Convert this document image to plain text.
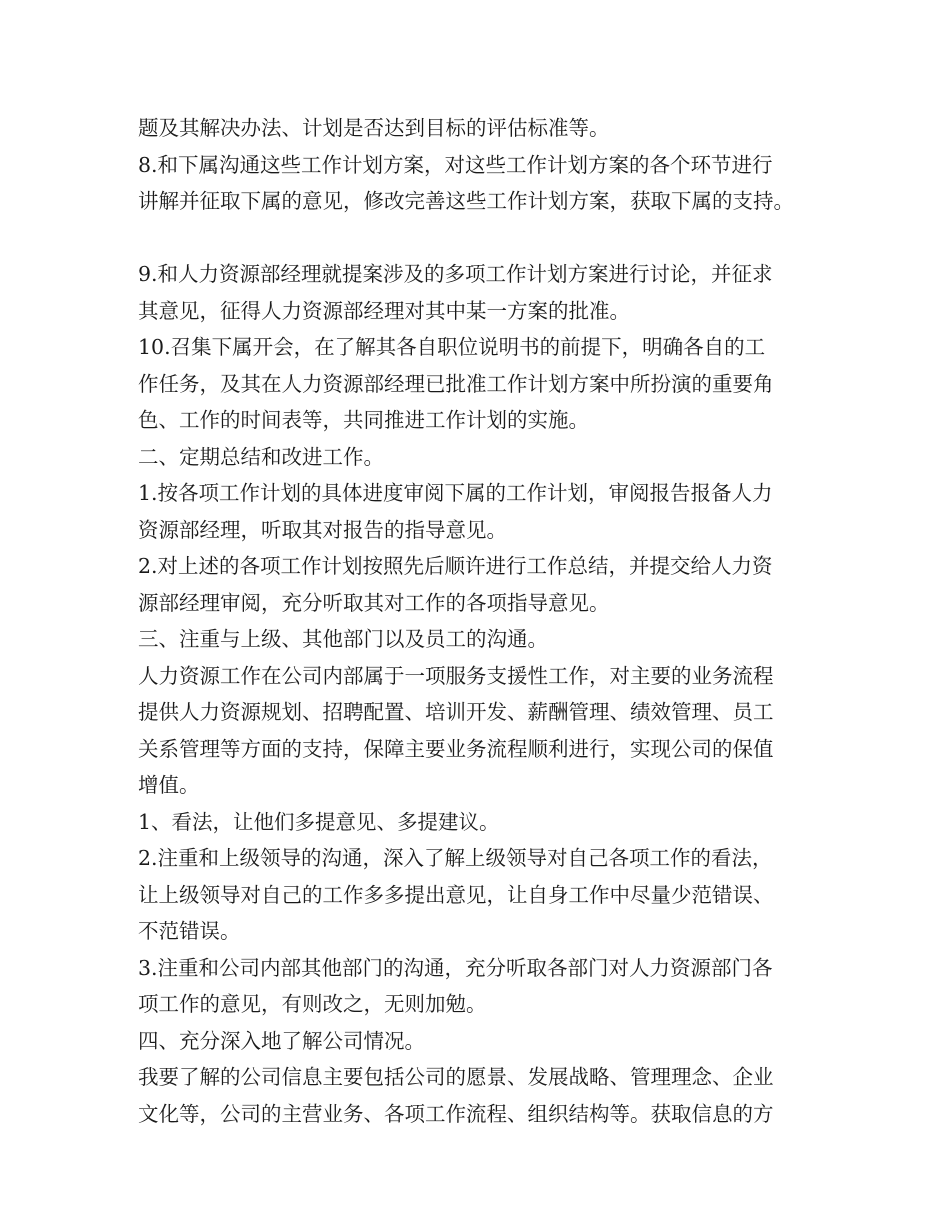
题及其解决办法、计划是否达到目标的评估标准等。
8.和下属沟通这些工作计划方案，对这些工作计划方案的各个环节进行
讲解并征取下属的意见，修改完善这些工作计划方案，获取下属的支持。
9.和人力资源部经理就提案涉及的多项工作计划方案进行讨论，并征求
其意见，征得人力资源部经理对其中某一方案的批准。
10.召集下属开会，在了解其各自职位说明书的前提下，明确各自的工
作任务，及其在人力资源部经理已批准工作计划方案中所扮演的重要角
色、工作的时间表等，共同推进工作计划的实施。
二、定期总结和改进工作。
1.按各项工作计划的具体进度审阅下属的工作计划，审阅报告报备人力
资源部经理，听取其对报告的指导意见。
2.对上述的各项工作计划按照先后顺许进行工作总结，并提交给人力资
源部经理审阅，充分听取其对工作的各项指导意见。
三、注重与上级、其他部门以及员工的沟通。
人力资源工作在公司内部属于一项服务支援性工作，对主要的业务流程
提供人力资源规划、招聘配置、培训开发、薪酬管理、绩效管理、员工
关系管理等方面的支持，保障主要业务流程顺利进行，实现公司的保值
增值。
1、看法，让他们多提意见、多提建议。
2.注重和上级领导的沟通，深入了解上级领导对自己各项工作的看法，
让上级领导对自己的工作多多提出意见，让自身工作中尽量少范错误、
不范错误。
3.注重和公司内部其他部门的沟通，充分听取各部门对人力资源部门各
项工作的意见，有则改之，无则加勉。
四、充分深入地了解公司情况。
我要了解的公司信息主要包括公司的愿景、发展战略、管理理念、企业
文化等，公司的主营业务、各项工作流程、组织结构等。获取信息的方
